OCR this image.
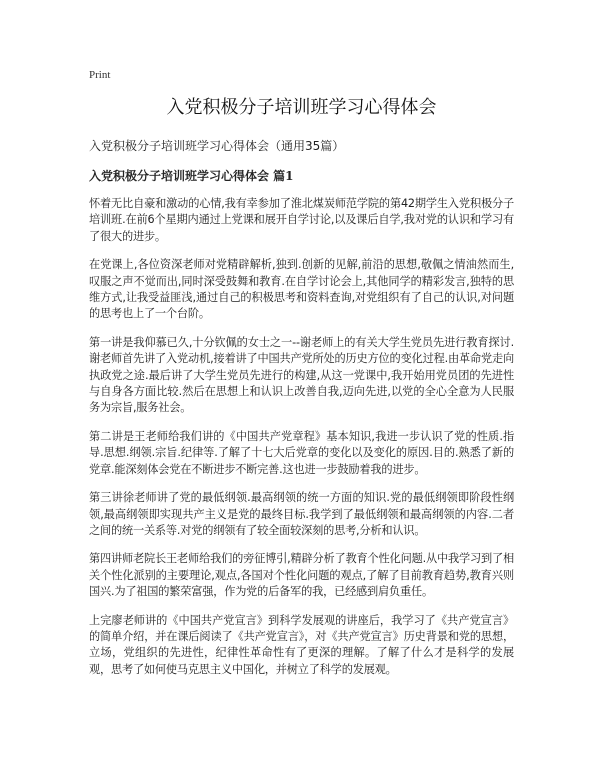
Print
入党积极分子培训班学习心得体会
入党积极分子培训班学习心得体会（通用35篇）
入党积极分子培训班学习心得体会 篇1

怀着无比自豪和激动的心情,我有幸参加了淮北煤炭师范学院的第42期学生入党积极分子培训班.在前6个星期内通过上党课和展开自学讨论,以及课后自学,我对党的认识和学习有了很大的进步。

在党课上,各位资深老师对党精辟解析,独到.创新的见解,前沿的思想,敬佩之情油然而生,叹服之声不觉而出,同时深受鼓舞和教育.在自学讨论会上,其他同学的精彩发言,独特的思维方式,让我受益匪浅,通过自己的积极思考和资料查询,对党组织有了自己的认识,对问题的思考也上了一个台阶。

第一讲是我仰慕已久,十分钦佩的女士之一--谢老师上的有关大学生党员先进行教育探讨.谢老师首先讲了入党动机,接着讲了中国共产党所处的历史方位的变化过程.由革命党走向执政党之途.最后讲了大学生党员先进行的构建,从这一党课中,我开始用党员团的先进性与自身各方面比较.然后在思想上和认识上改善自我,迈向先进,以党的全心全意为人民服务为宗旨,服务社会。

第二讲是王老师给我们讲的《中国共产党章程》基本知识,我进一步认识了党的性质.指导.思想.纲领.宗旨.纪律等.了解了十七大后党章的变化以及变化的原因.目的.熟悉了新的党章.能深刻体会党在不断进步不断完善.这也进一步鼓励着我的进步。

第三讲徐老师讲了党的最低纲领.最高纲领的统一方面的知识.党的最低纲领即阶段性纲领,最高纲领即实现共产主义是党的最终目标.我学到了最低纲领和最高纲领的内容.二者之间的统一关系等.对党的纲领有了较全面较深刻的思考,分析和认识。

第四讲师老院长王老师给我们的旁征博引,精辟分析了教育个性化问题.从中我学习到了相关个性化派别的主要理论,观点,各国对个性化问题的观点,了解了目前教育趋势,教育兴则国兴.为了祖国的繁荣富强，作为党的后备军的我，已经感到肩负重任。

上完廖老师讲的《中国共产党宣言》到科学发展观的讲座后，我学习了《共产党宣言》的简单介绍，并在课后阅读了《共产党宣言》，对《共产党宣言》历史背景和党的思想，立场，党组织的先进性，纪律性革命性有了更深的理解。了解了什么才是科学的发展观，思考了如何使马克思主义中国化，并树立了科学的发展观。
